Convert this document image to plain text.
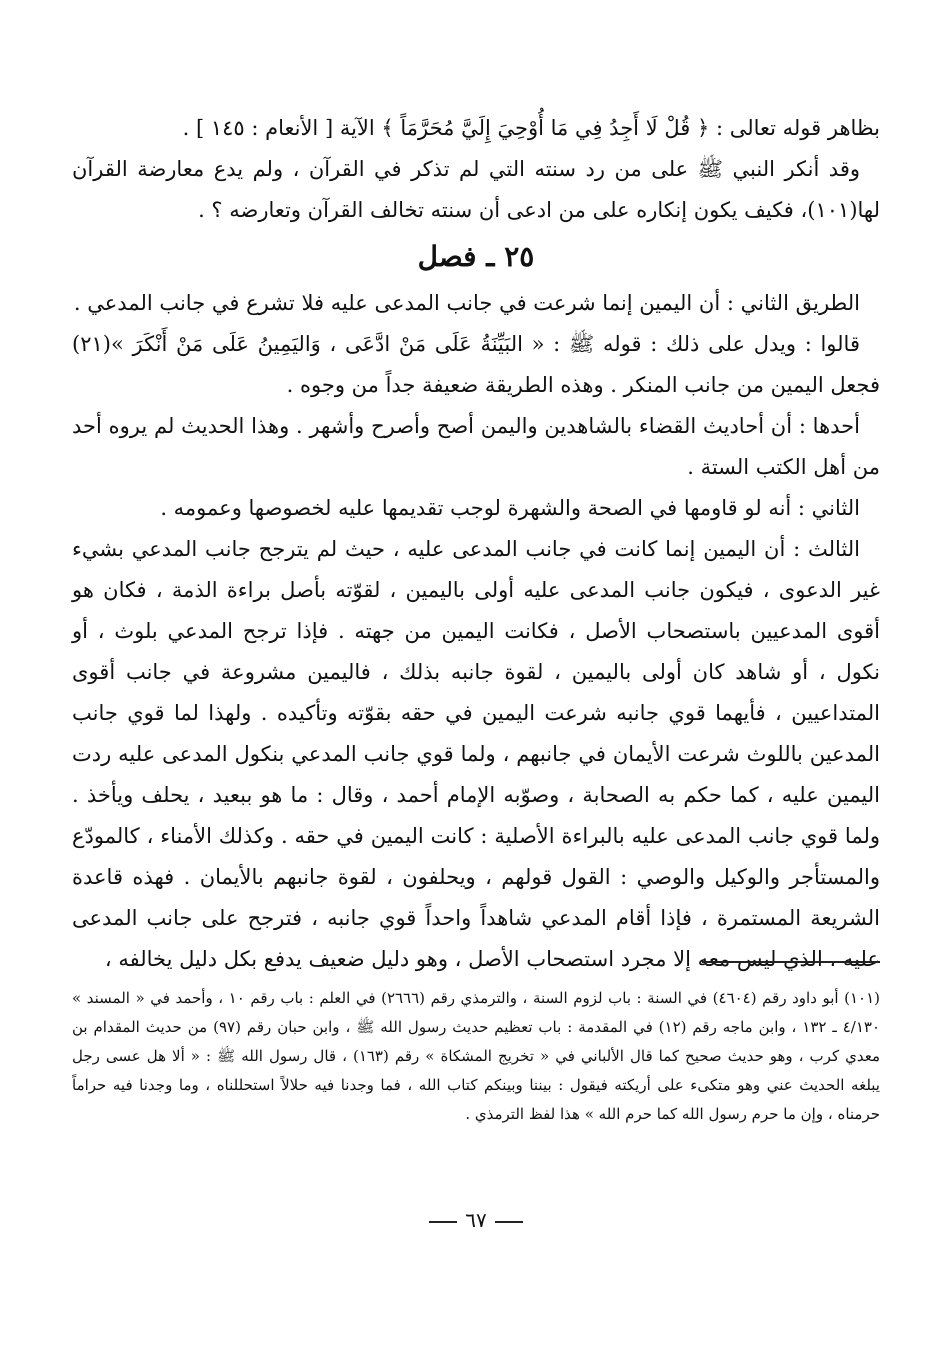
بظاهر قوله تعالى : ﴿ قُلْ لَا أَجِدُ فِي مَا أُوْحِيَ إِلَيَّ مُحَرَّمَاً ﴾ الآية [ الأنعام : ١٤٥ ] .

وقد أنكر النبي ﷺ على من رد سنته التي لم تذكر في القرآن ، ولم يدع معارضة القرآن لها(١٠١)، فكيف يكون إنكاره على من ادعى أن سنته تخالف القرآن وتعارضه ؟ .

٢٥ ـ فصل

الطريق الثاني : أن اليمين إنما شرعت في جانب المدعى عليه فلا تشرع في جانب المدعي .

قالوا : ويدل على ذلك : قوله ﷺ : « البَيِّنَةُ عَلَى مَنْ ادَّعَى ، وَاليَمِينُ عَلَى مَنْ أَنْكَرَ »(٢١) فجعل اليمين من جانب المنكر . وهذه الطريقة ضعيفة جداً من وجوه .

أحدها : أن أحاديث القضاء بالشاهدين واليمن أصح وأصرح وأشهر . وهذا الحديث لم يروه أحد من أهل الكتب الستة .

الثاني : أنه لو قاومها في الصحة والشهرة لوجب تقديمها عليه لخصوصها وعمومه .

الثالث : أن اليمين إنما كانت في جانب المدعى عليه ، حيث لم يترجح جانب المدعي بشيء غير الدعوى ، فيكون جانب المدعى عليه أولى باليمين ، لقوّته بأصل براءة الذمة ، فكان هو أقوى المدعيين باستصحاب الأصل ، فكانت اليمين من جهته . فإذا ترجح المدعي بلوث ، أو نكول ، أو شاهد كان أولى باليمين ، لقوة جانبه بذلك ، فاليمين مشروعة في جانب أقوى المتداعيين ، فأيهما قوي جانبه شرعت اليمين في حقه بقوّته وتأكيده . ولهذا لما قوي جانب المدعين باللوث شرعت الأيمان في جانبهم ، ولما قوي جانب المدعي بنكول المدعى عليه ردت اليمين عليه ، كما حكم به الصحابة ، وصوّبه الإمام أحمد ، وقال : ما هو ببعيد ، يحلف ويأخذ . ولما قوي جانب المدعى عليه بالبراءة الأصلية : كانت اليمين في حقه . وكذلك الأمناء ، كالمودّع والمستأجر والوكيل والوصي : القول قولهم ، ويحلفون ، لقوة جانبهم بالأيمان . فهذه قاعدة الشريعة المستمرة ، فإذا أقام المدعي شاهداً واحداً قوي جانبه ، فترجح على جانب المدعى عليه ، الذي ليس معه إلا مجرد استصحاب الأصل ، وهو دليل ضعيف يدفع بكل دليل يخالفه ،

(١٠١) أبو داود رقم (٤٦٠٤) في السنة : باب لزوم السنة ، والترمذي رقم (٢٦٦٦) في العلم : باب رقم ١٠ ، وأحمد في « المسند » ٤/١٣٠ ـ ١٣٢ ، وابن ماجه رقم (١٢) في المقدمة : باب تعظيم حديث رسول الله ﷺ ، وابن حبان رقم (٩٧) من حديث المقدام بن معدي كرب ، وهو حديث صحيح كما قال الألباني في « تخريج المشكاة » رقم (١٦٣) ، قال رسول الله ﷺ : « ألا هل عسى رجل يبلغه الحديث عني وهو متكىء على أريكته فيقول : بيننا وبينكم كتاب الله ، فما وجدنا فيه حلالاً استحللناه ، وما وجدنا فيه حراماً حرمناه ، وإن ما حرم رسول الله كما حرم الله » هذا لفظ الترمذي .
٦٧
